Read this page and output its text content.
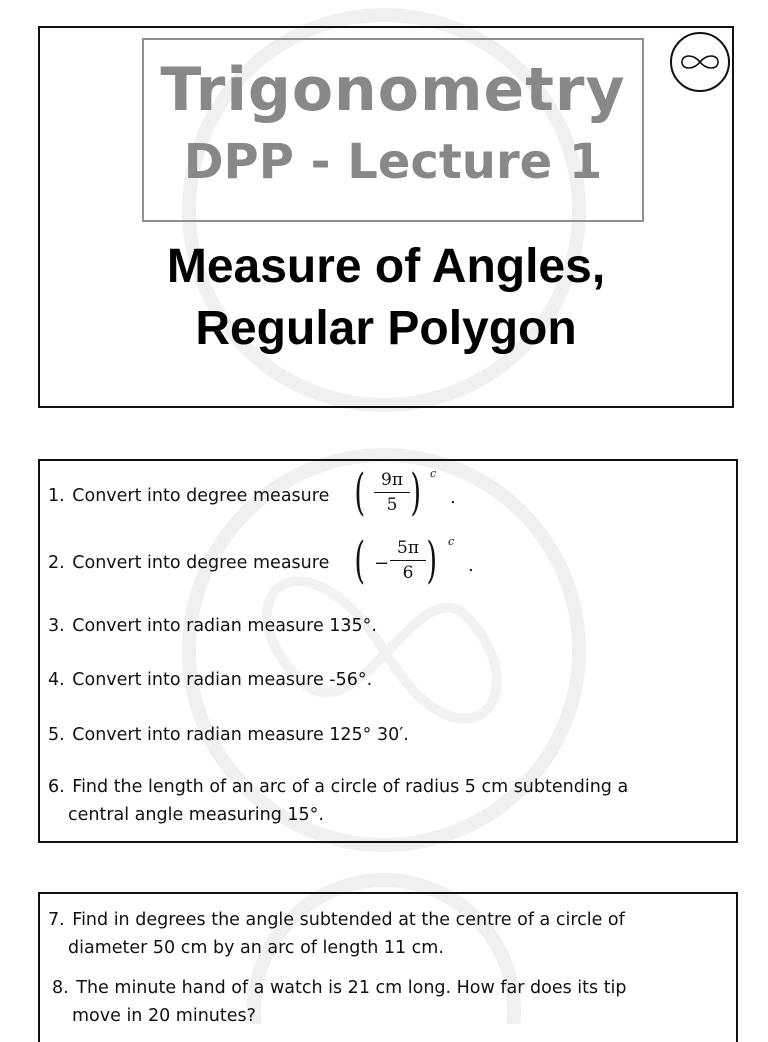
Trigonometry
DPP - Lecture 1
Measure of Angles,
Regular Polygon
1. Convert into degree measure ( 9π
5 ) c
.
2. Convert into degree measure ( −
5π
6 ) c
.
3. Convert into radian measure 135°.
4. Convert into radian measure -56°.
5. Convert into radian measure 125° 30′.
6. Find the length of an arc of a circle of radius 5 cm subtending a
central angle measuring 15°.
7. Find in degrees the angle subtended at the centre of a circle of
diameter 50 cm by an arc of length 11 cm.
8. The minute hand of a watch is 21 cm long. How far does its tip
move in 20 minutes?
